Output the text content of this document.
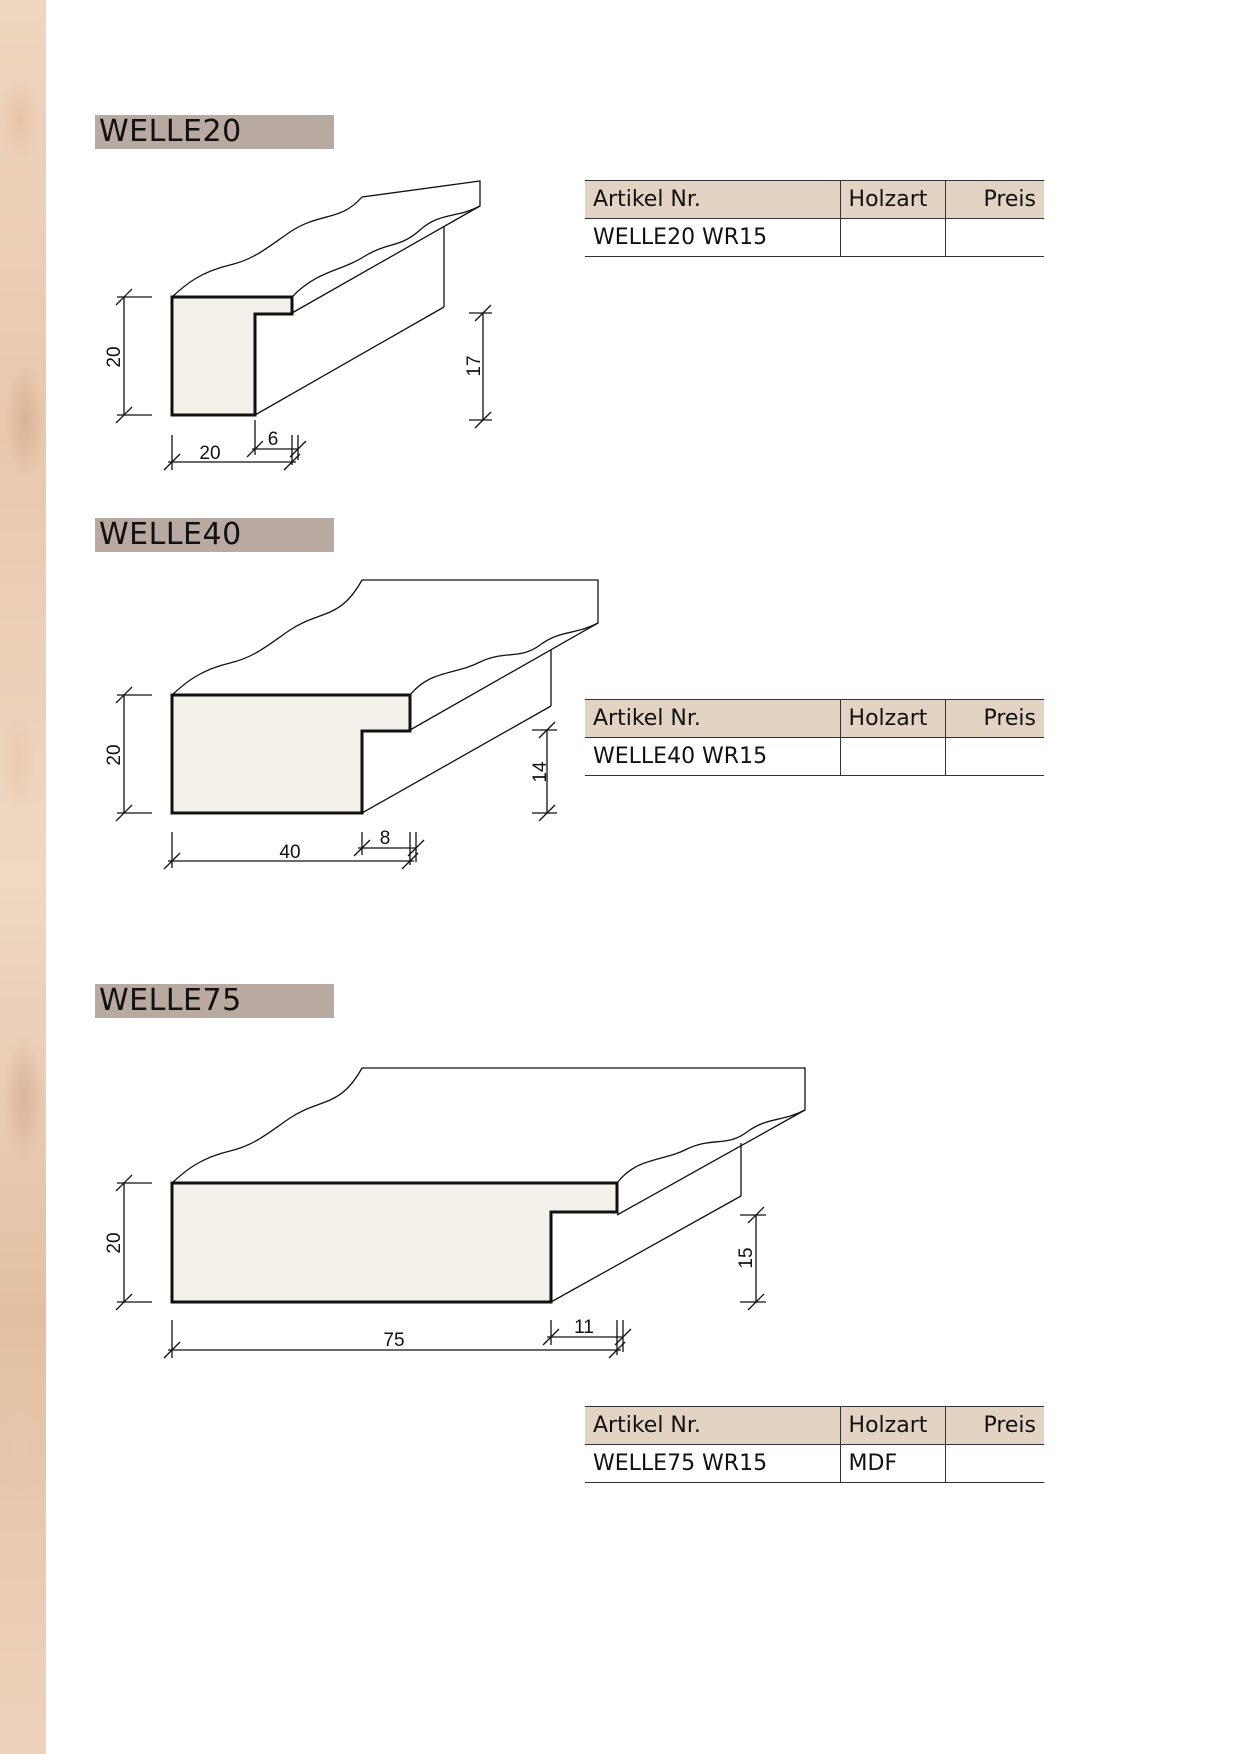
WELLE20
20
20
6
17
Artikel Nr.	Holzart	Preis
WELLE20 WR15		
WELLE40
20
40
8
14
Artikel Nr.	Holzart	Preis
WELLE40 WR15		
WELLE75
20
75
11
15
Artikel Nr.	Holzart	Preis
WELLE75 WR15	MDF	
